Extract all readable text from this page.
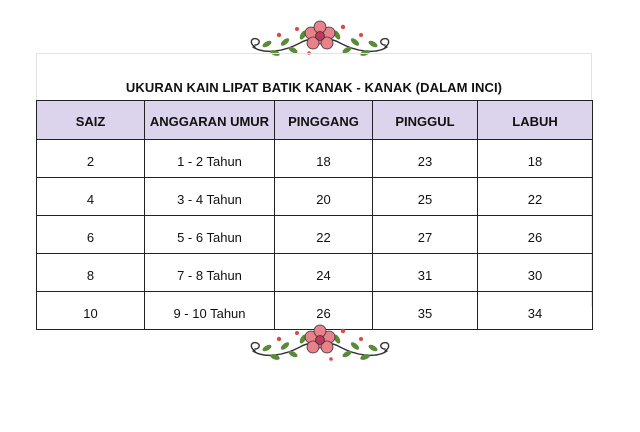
UKURAN KAIN LIPAT BATIK KANAK - KANAK (DALAM INCI)
SAIZ	ANGGARAN UMUR	PINGGANG	PINGGUL	LABUH
2	1 - 2 Tahun	18	23	18
4	3 - 4 Tahun	20	25	22
6	5 - 6 Tahun	22	27	26
8	7 - 8 Tahun	24	31	30
10	9 - 10 Tahun	26	35	34
